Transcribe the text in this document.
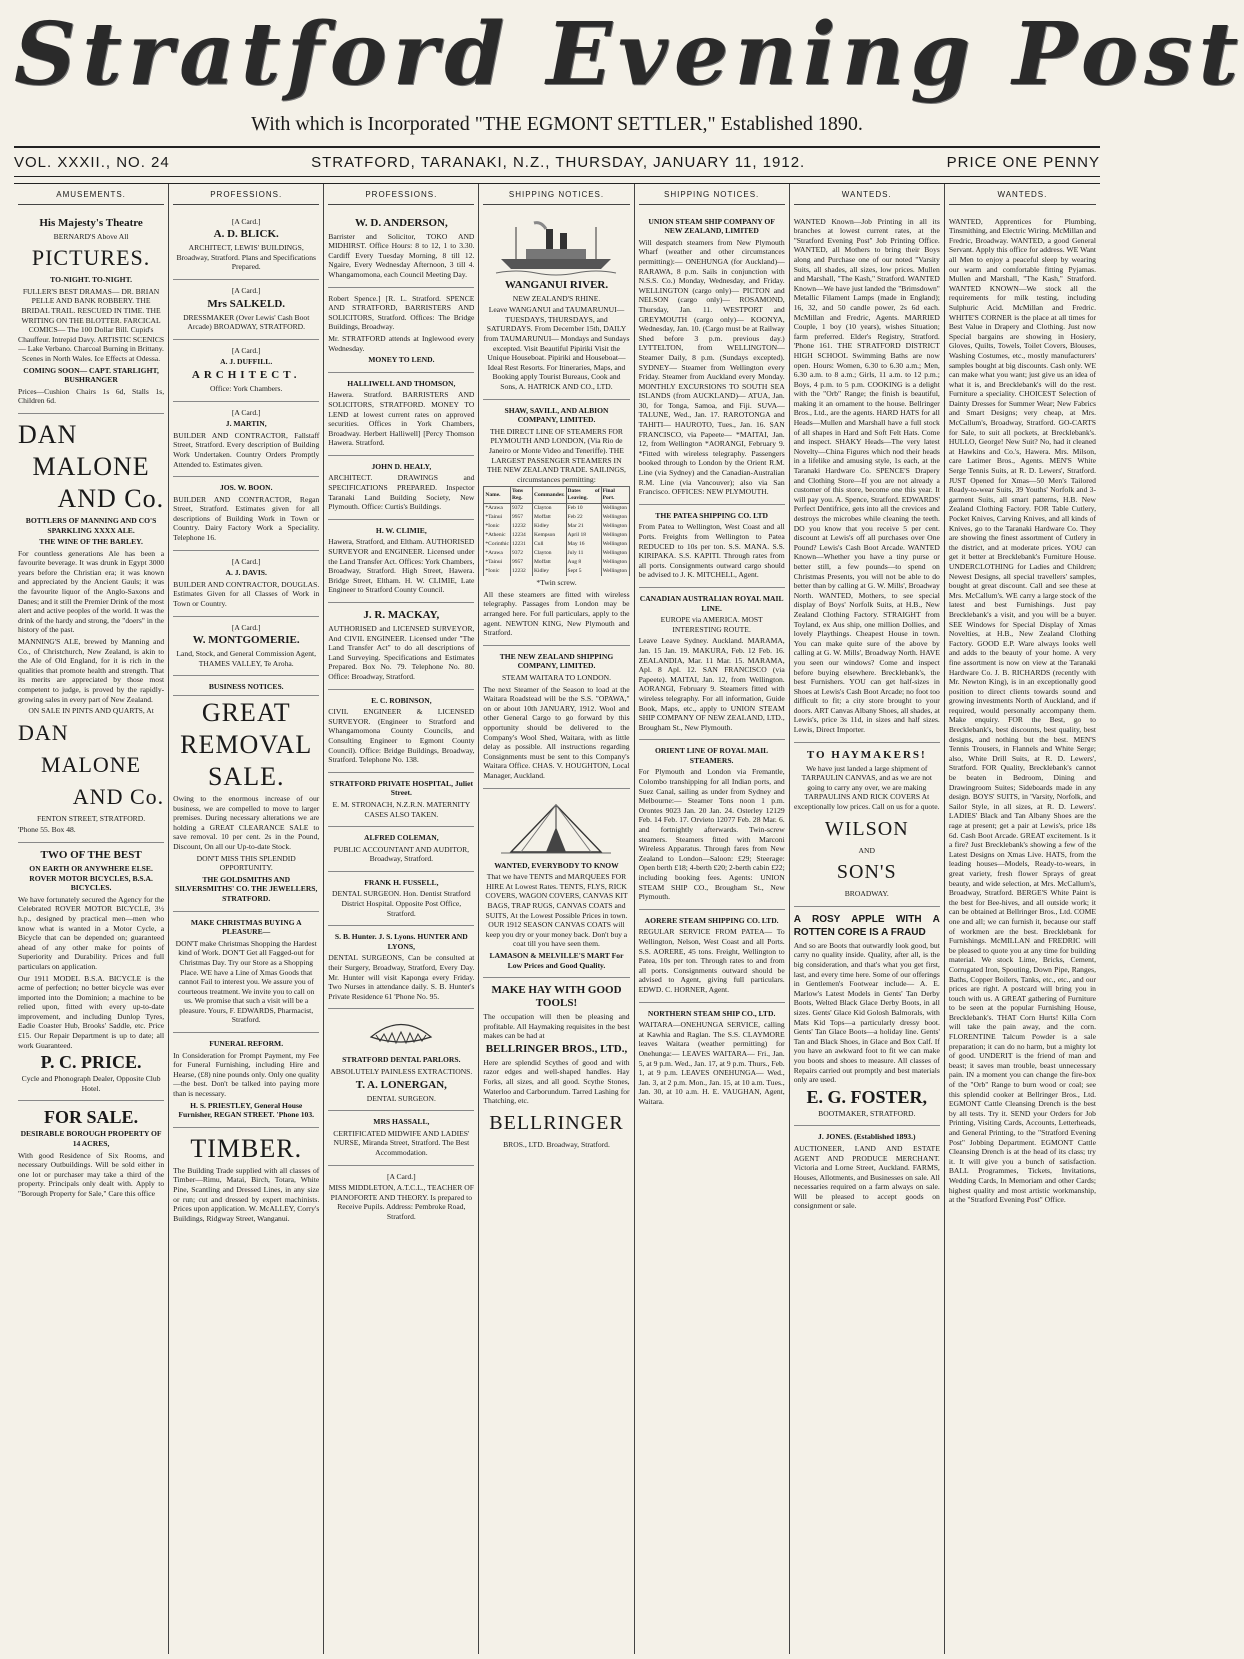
Stratford Evening Post
With which is Incorporated "THE EGMONT SETTLER," Established 1890.
VOL. XXXII., NO. 24	STRATFORD, TARANAKI, N.Z., THURSDAY, JANUARY 11, 1912.	PRICE ONE PENNY
AMUSEMENTS.

His Majesty's Theatre

BERNARD'S Above All

PICTURES.

TO-NIGHT. TO-NIGHT.

FULLER'S BEST DRAMAS— DR. BRIAN PELLE AND BANK ROBBERY. THE BRIDAL TRAIL. RESCUED IN TIME. THE WRITING ON THE BLOTTER. FARCICAL COMICS— The 100 Dollar Bill. Cupid's Chauffeur. Intrepid Davy. ARTISTIC SCENICS— Lake Verbano. Charcoal Burning in Brittany. Scenes in North Wales. Ice Effects at Odessa.

COMING SOON— CAPT. STARLIGHT, BUSHRANGER

Prices—Cushion Chairs 1s 6d, Stalls 1s, Children 6d.

DAN

MALONE

AND Co.

BOTTLERS OF MANNING AND CO'S SPARKLING XXXX ALE.

THE WINE OF THE BARLEY.

For countless generations Ale has been a favourite beverage. It was drunk in Egypt 3000 years before the Christian era; it was known and appreciated by the Ancient Gauls; it was the favourite liquor of the Anglo-Saxons and Danes; and it still the Premier Drink of the most alert and active peoples of the world. It was the drink of the hardy and strong, the "doers" in the history of the past.

MANNING'S ALE, brewed by Manning and Co., of Christchurch, New Zealand, is akin to the Ale of Old England, for it is rich in the qualities that promote health and strength. That its merits are appreciated by those most competent to judge, is proved by the rapidly-growing sales in every part of New Zealand.

ON SALE IN PINTS AND QUARTS, At

DAN

MALONE

AND Co.

FENTON STREET, STRATFORD.

'Phone 55. Box 48.

TWO OF THE BEST

ON EARTH OR ANYWHERE ELSE. ROVER MOTOR BICYCLES, B.S.A. BICYCLES.

We have fortunately secured the Agency for the Celebrated ROVER MOTOR BICYCLE, 3½ h.p., designed by practical men—men who know what is wanted in a Motor Cycle, a Bicycle that can be depended on; guaranteed ahead of any other make for points of Superiority and Durability. Prices and full particulars on application.

Our 1911 MODEL B.S.A. BICYCLE is the acme of perfection; no better bicycle was ever imported into the Dominion; a machine to be relied upon, fitted with every up-to-date improvement, and including Dunlop Tyres, Eadie Coaster Hub, Brooks' Saddle, etc. Price £15. Our Repair Department is up to date; all work Guaranteed.

P. C. PRICE.

Cycle and Phonograph Dealer, Opposite Club Hotel.

FOR SALE.

DESIRABLE BOROUGH PROPERTY OF 14 ACRES,

With good Residence of Six Rooms, and necessary Outbuildings. Will be sold either in one lot or purchaser may take a third of the property. Principals only dealt with. Apply to "Borough Property for Sale," Care this office

PROFESSIONS.

[A Card.]

A. D. BLICK.

ARCHITECT, LEWIS' BUILDINGS, Broadway, Stratford. Plans and Specifications Prepared.

[A Card.]

Mrs SALKELD.

DRESSMAKER (Over Lewis' Cash Boot Arcade) BROADWAY, STRATFORD.

[A Card.]

A. J. DUFFILL.

ARCHITECT.

Office: York Chambers.

[A Card.]

J. MARTIN,

BUILDER AND CONTRACTOR, Fallstaff Street, Stratford. Every description of Building Work Undertaken. Country Orders Promptly Attended to. Estimates given.

JOS. W. BOON.

BUILDER AND CONTRACTOR, Regan Street, Stratford. Estimates given for all descriptions of Building Work in Town or Country. Dairy Factory Work a Speciality. Telephone 16.

[A Card.]

A. J. DAVIS.

BUILDER AND CONTRACTOR, DOUGLAS. Estimates Given for all Classes of Work in Town or Country.

[A Card.]

W. MONTGOMERIE.

Land, Stock, and General Commission Agent, THAMES VALLEY, Te Aroha.

BUSINESS NOTICES.

GREAT

REMOVAL

SALE.

Owing to the enormous increase of our business, we are compelled to move to larger premises. During necessary alterations we are holding a GREAT CLEARANCE SALE to save removal. 10 per cent. 2s in the Pound, Discount, On all our Up-to-date Stock.

DON'T MISS THIS SPLENDID OPPORTUNITY.

THE GOLDSMITHS AND SILVERSMITHS' CO. THE JEWELLERS, STRATFORD.

MAKE CHRISTMAS BUYING A PLEASURE—

DON'T make Christmas Shopping the Hardest kind of Work. DON'T Get all Fagged-out for Christmas Day. Try our Store as a Shopping Place. WE have a Line of Xmas Goods that cannot Fail to interest you. We assure you of courteous treatment. We invite you to call on us. We promise that such a visit will be a pleasure. Yours, F. EDWARDS, Pharmacist, Stratford.

FUNERAL REFORM.

In Consideration for Prompt Payment, my Fee for Funeral Furnishing, including Hire and Hearse, (£8) nine pounds only. Only one quality—the best. Don't be talked into paying more than is necessary.

H. S. PRIESTLEY, General House Furnisher, REGAN STREET. 'Phone 103.

TIMBER.

The Building Trade supplied with all classes of Timber—Rimu, Matai, Birch, Totara, White Pine, Scantling and Dressed Lines, in any size or run; cut and dressed by expert machinists. Prices upon application. W. McALLEY, Corry's Buildings, Ridgway Street, Wanganui.

PROFESSIONS.

W. D. ANDERSON,

Barrister and Solicitor, TOKO AND MIDHIRST. Office Hours: 8 to 12, 1 to 3.30. Cardiff Every Tuesday Morning, 8 till 12. Ngaire, Every Wednesday Afternoon, 3 till 4. Whangamomona, each Council Meeting Day.

Robert Spence.] [R. L. Stratford. SPENCE AND STRATFORD, BARRISTERS AND SOLICITORS, Stratford. Offices: The Bridge Buildings, Broadway.

Mr. STRATFORD attends at Inglewood every Wednesday.

MONEY TO LEND.

HALLIWELL AND THOMSON,

Hawera. Stratford. BARRISTERS AND SOLICITORS, STRATFORD. MONEY TO LEND at lowest current rates on approved securities. Offices in York Chambers, Broadway. Herbert Halliwell] [Percy Thomson Hawera. Stratford.

JOHN D. HEALY,

ARCHITECT. DRAWINGS and SPECIFICATIONS PREPARED. Inspector Taranaki Land Building Society, New Plymouth. Office: Curtis's Buildings.

H. W. CLIMIE,

Hawera, Stratford, and Eltham. AUTHORISED SURVEYOR and ENGINEER. Licensed under the Land Transfer Act. Offices: York Chambers, Broadway, Stratford. High Street, Hawera. Bridge Street, Eltham. H. W. CLIMIE, Late Engineer to Stratford County Council.

J. R. MACKAY,

AUTHORISED and LICENSED SURVEYOR, And CIVIL ENGINEER. Licensed under "The Land Transfer Act" to do all descriptions of Land Surveying. Specifications and Estimates Prepared. Box No. 79. Telephone No. 80. Office: Broadway, Stratford.

E. C. ROBINSON,

CIVIL ENGINEER & LICENSED SURVEYOR. (Engineer to Stratford and Whangamomona County Councils, and Consulting Engineer to Egmont County Council). Office: Bridge Buildings, Broadway, Stratford. Telephone No. 138.

STRATFORD PRIVATE HOSPITAL, Juliet Street.

E. M. STRONACH, N.Z.R.N. MATERNITY CASES ALSO TAKEN.

ALFRED COLEMAN,

PUBLIC ACCOUNTANT AND AUDITOR, Broadway, Stratford.

FRANK H. FUSSELL,

DENTAL SURGEON. Hon. Dentist Stratford District Hospital. Opposite Post Office, Stratford.

S. B. Hunter. J. S. Lyons. HUNTER AND LYONS,

DENTAL SURGEONS, Can be consulted at their Surgery, Broadway, Stratford, Every Day. Mr. Hunter will visit Kaponga every Friday. Two Nurses in attendance daily. S. B. Hunter's Private Residence 61 'Phone No. 95.

STRATFORD DENTAL PARLORS.

ABSOLUTELY PAINLESS EXTRACTIONS.

T. A. LONERGAN,

DENTAL SURGEON.

MRS HASSALL,

CERTIFICATED MIDWIFE AND LADIES' NURSE, Miranda Street, Stratford. The Best Accommodation.

[A Card.]

MISS MIDDLETON, A.T.C.L., TEACHER OF PIANOFORTE AND THEORY. Is prepared to Receive Pupils. Address: Pembroke Road, Stratford.

SHIPPING NOTICES.

WANGANUI RIVER.

NEW ZEALAND'S RHINE.

Leave WANGANUI and TAUMARUNUI— TUESDAYS, THURSDAYS, and SATURDAYS. From December 15th, DAILY from TAUMARUNUI— Mondays and Sundays excepted. Visit Beautiful Pipiriki Visit the Unique Houseboat. Pipiriki and Houseboat—Ideal Rest Resorts. For Itineraries, Maps, and Booking apply Tourist Bureaus, Cook and Sons, A. HATRICK AND CO., LTD.

SHAW, SAVILL, AND ALBION COMPANY, LIMITED.

THE DIRECT LINE OF STEAMERS FOR PLYMOUTH AND LONDON, (Via Rio de Janeiro or Monte Video and Teneriffe). THE LARGEST PASSENGER STEAMERS IN THE NEW ZEALAND TRADE. SAILINGS, circumstances permitting:

Name.	Tons Reg.	Commander.	Dates of Leaving.	Final Port.
*Arawa	9372	Clayton	Feb 10	Wellington
*Tainui	9957	Moffatt	Feb 22	Wellington
*Ionic	12232	Kidley	Mar 21	Wellington
*Athenic	12234	Kempson	April 18	Wellington
*Corinthic	12231	Cull	May 16	Wellington
*Arawa	9372	Clayton	July 11	Wellington
*Tainui	9957	Moffatt	Aug 8	Wellington
*Ionic	12232	Kidley	Sept 5	Wellington

*Twin screw.

All these steamers are fitted with wireless telegraphy. Passages from London may be arranged here. For full particulars, apply to the agent. NEWTON KING, New Plymouth and Stratford.

THE NEW ZEALAND SHIPPING COMPANY, LIMITED.

STEAM WAITARA TO LONDON.

The next Steamer of the Season to load at the Waitara Roadstead will be the S.S. "OPAWA," on or about 10th JANUARY, 1912. Wool and other General Cargo to go forward by this opportunity should be delivered to the Company's Wool Shed, Waitara, with as little delay as possible. All instructions regarding Consignments must be sent to this Company's Waitara Office. CHAS. V. HOUGHTON, Local Manager, Auckland.

WANTED, EVERYBODY TO KNOW

That we have TENTS and MARQUEES FOR HIRE At Lowest Rates. TENTS, FLYS, RICK COVERS, WAGON COVERS, CANVAS KIT BAGS, TRAP RUGS, CANVAS COATS and SUITS, At the Lowest Possible Prices in town. OUR 1912 SEASON CANVAS COATS will keep you dry or your money back. Don't buy a coat till you have seen them.

LAMASON & MELVILLE'S MART For Low Prices and Good Quality.

MAKE HAY WITH GOOD TOOLS!

The occupation will then be pleasing and profitable. All Haymaking requisites in the best makes can be had at

BELLRINGER BROS., LTD.,

Here are splendid Scythes of good and with razor edges and well-shaped handles. Hay Forks, all sizes, and all good. Scythe Stones, Waterloo and Carborundum. Tarred Lashing for Thatching, etc.

BELLRINGER

BROS., LTD. Broadway, Stratford.

SHIPPING NOTICES.

UNION STEAM SHIP COMPANY OF NEW ZEALAND, LIMITED

Will despatch steamers from New Plymouth Wharf (weather and other circumstances permitting):— ONEHUNGA (for Auckland)— RARAWA, 8 p.m. Sails in conjunction with N.S.S. Co.) Monday, Wednesday, and Friday. WELLINGTON (cargo only)— PICTON and NELSON (cargo only)— ROSAMOND, Thursday, Jan. 11. WESTPORT and GREYMOUTH (cargo only)— KOONYA, Wednesday, Jan. 10. (Cargo must be at Railway Shed before 3 p.m. previous day.) LYTTELTON, from WELLINGTON— Steamer Daily, 8 p.m. (Sundays excepted). SYDNEY— Steamer from Wellington every Friday. Steamer from Auckland every Monday. MONTHLY EXCURSIONS TO SOUTH SEA ISLANDS (from AUCKLAND)— ATUA, Jan. 30, for Tonga, Samoa, and Fiji. SUVA— TALUNE, Wed., Jan. 17. RAROTONGA and TAHITI— HAUROTO, Tues., Jan. 16. SAN FRANCISCO, via Papeete— *MAITAI, Jan. 12, from Wellington *AORANGI, February 9. *Fitted with wireless telegraphy. Passengers booked through to London by the Orient R.M. Line (via Sydney) and the Canadian-Australian R.M. Line (via Vancouver); also via San Francisco. OFFICES: NEW PLYMOUTH.

THE PATEA SHIPPING CO. LTD

From Patea to Wellington, West Coast and all Ports. Freights from Wellington to Patea REDUCED to 10s per ton. S.S. MANA. S.S. KIRIPAKA. S.S. KAPITI. Through rates from all ports. Consignments outward cargo should be advised to J. K. MITCHELL, Agent.

CANADIAN AUSTRALIAN ROYAL MAIL LINE.

EUROPE via AMERICA. MOST INTERESTING ROUTE.

Leave Leave Sydney. Auckland. MARAMA, Jan. 15 Jan. 19. MAKURA, Feb. 12 Feb. 16. ZEALANDIA, Mar. 11 Mar. 15. MARAMA, Apl. 8 Apl. 12. SAN FRANCISCO (via Papeete). MAITAI, Jan. 12, from Wellington. AORANGI, February 9. Steamers fitted with wireless telegraphy. For all information, Guide Book, Maps, etc., apply to UNION STEAM SHIP COMPANY OF NEW ZEALAND, LTD., Brougham St., New Plymouth.

ORIENT LINE OF ROYAL MAIL STEAMERS.

For Plymouth and London via Fremantle, Colombo transhipping for all Indian ports, and Suez Canal, sailing as under from Sydney and Melbourne:— Steamer Tons noon 1 p.m. Orontes 9023 Jan. 20 Jan. 24. Osterley 12129 Feb. 14 Feb. 17. Orvieto 12077 Feb. 28 Mar. 6. and fortnightly afterwards. Twin-screw steamers. Steamers fitted with Marconi Wireless Apparatus. Through fares from New Zealand to London—Saloon: £29; Steerage: Open berth £18; 4-berth £20; 2-berth cabin £22; including booking fees. Agents: UNION STEAM SHIP CO., Brougham St., New Plymouth.

AORERE STEAM SHIPPING CO. LTD.

REGULAR SERVICE FROM PATEA— To Wellington, Nelson, West Coast and all Ports. S.S. AORERE, 45 tons. Freight, Wellington to Patea, 10s per ton. Through rates to and from all ports. Consignments outward should be advised to Agent, giving full particulars. EDWD. C. HORNER, Agent.

NORTHERN STEAM SHIP CO., LTD.

WAITARA—ONEHUNGA SERVICE, calling at Kawhia and Raglan. The S.S. CLAYMORE leaves Waitara (weather permitting) for Onehunga:— LEAVES WAITARA— Fri., Jan. 5, at 9 p.m. Wed., Jan. 17, at 9 p.m. Thurs., Feb. 1, at 9 p.m. LEAVES ONEHUNGA— Wed., Jan. 3, at 2 p.m. Mon., Jan. 15, at 10 a.m. Tues., Jan. 30, at 10 a.m. H. E. VAUGHAN, Agent, Waitara.

WANTEDS.

WANTED Known—Job Printing in all its branches at lowest current rates, at the "Stratford Evening Post" Job Printing Office. WANTED, all Mothers to bring their Boys along and Purchase one of our noted "Varsity Suits, all shades, all sizes, low prices. Mullen and Marshall, "The Kash," Stratford. WANTED Known—We have just landed the "Brimsdown" Metallic Filament Lamps (made in England); 16, 32, and 50 candle power, 2s 6d each. McMillan and Fredric, Agents. MARRIED Couple, 1 boy (10 years), wishes Situation; farm preferred. Elder's Registry, Stratford. 'Phone 161. THE STRATFORD DISTRICT HIGH SCHOOL Swimming Baths are now open. Hours: Women, 6.30 to 6.30 a.m.; Men, 6.30 a.m. to 8 a.m.; Girls, 11 a.m. to 12 p.m.; Boys, 4 p.m. to 5 p.m. COOKING is a delight with the "Orb" Range; the finish is beautiful, making it an ornament to the house. Bellringer Bros., Ltd., are the agents. HARD HATS for all Heads—Mullen and Marshall have a full stock of all shapes in Hard and Soft Felt Hats. Come and inspect. SHAKY Heads—The very latest Novelty—China Figures which nod their heads in a lifelike and amusing style, 1s each, at the Taranaki Hardware Co. SPENCE'S Drapery and Clothing Store—If you are not already a customer of this store, become one this year. It will pay you. A. Spence, Stratford. EDWARDS' Perfect Dentifrice, gets into all the crevices and destroys the microbes while cleaning the teeth. DO you know that you receive 5 per cent. discount at Lewis's off all purchases over One Pound? Lewis's Cash Boot Arcade. WANTED Known—Whether you have a tiny purse or better still, a few pounds—to spend on Christmas Presents, you will not be able to do better than by calling at G. W. Mills', Broadway North. WANTED, Mothers, to see special display of Boys' Norfolk Suits, at H.B., New Zealand Clothing Factory. STRAIGHT from Toyland, ex Aus ship, one million Dollies, and lovely Playthings. Cheapest House in town. You can make quite sure of the above by calling at G. W. Mills', Broadway North. HAVE you seen our windows? Come and inspect before buying elsewhere. Brecklebank's, the best Furnishers. YOU can get half-sizes in Shoes at Lewis's Cash Boot Arcade; no foot too difficult to fit; a city store brought to your doors. ART Canvas Albany Shoes, all shades, at Lewis's, price 3s 11d, in sizes and half sizes. Lewis, Direct Importer.

TO HAYMAKERS!

We have just landed a large shipment of TARPAULIN CANVAS, and as we are not going to carry any over, we are making TARPAULINS AND RICK COVERS At exceptionally low prices. Call on us for a quote.

WILSON

AND

SON'S

BROADWAY.

A ROSY APPLE WITH A ROTTEN CORE IS A FRAUD

And so are Boots that outwardly look good, but carry no quality inside. Quality, after all, is the big consideration, and that's what you get first, last, and every time here. Some of our offerings in Gentlemen's Footwear include— A. E. Marlow's Latest Models in Gents' Tan Derby Boots, Welted Black Glace Derby Boots, in all sizes. Gents' Glace Kid Golosh Balmorals, with Mats Kid Tops—a particularly dressy boot. Gents' Tan Glace Boots—a holiday line. Gents' Tan and Black Shoes, in Glace and Box Calf. If you have an awkward foot to fit we can make you boots and shoes to measure. All classes of Repairs carried out promptly and best materials only are used.

E. G. FOSTER,

BOOTMAKER, STRATFORD.

J. JONES. (Established 1893.)

AUCTIONEER, LAND AND ESTATE AGENT AND PRODUCE MERCHANT. Victoria and Lorne Street, Auckland. FARMS, Houses, Allotments, and Businesses on sale. All necessaries required on a farm always on sale. Will be pleased to accept goods on consignment or sale.

WANTEDS.

WANTED, Apprentices for Plumbing, Tinsmithing, and Electric Wiring. McMillan and Fredric, Broadway. WANTED, a good General Servant. Apply this office for address. WE Want all Men to enjoy a peaceful sleep by wearing our warm and comfortable fitting Pyjamas. Mullen and Marshall, "The Kash," Stratford. WANTED KNOWN—We stock all the requirements for milk testing, including Sulphuric Acid. McMillan and Fredric. WHITE'S CORNER is the place at all times for Best Value in Drapery and Clothing. Just now Special bargains are showing in Hosiery, Gloves, Quilts, Towels, Toilet Covers, Blouses, Washing Costumes, etc., mostly manufacturers' samples bought at big discounts. Cash only. WE can make what you want; just give us an idea of what it is, and Brecklebank's will do the rest. Furniture a speciality. CHOICEST Selection of Dainty Dresses for Summer Wear; New Fabrics and Smart Designs; very cheap, at Mrs. McCallum's, Broadway, Stratford. GO-CARTS for Sale, to suit all pockets, at Brecklebank's. HULLO, George! New Suit? No, had it cleaned at Hawkins and Co.'s, Hawera. Mrs. Milson, care Latimer Bros., Agents. MEN'S White Serge Tennis Suits, at R. D. Lewers', Stratford. JUST Opened for Xmas—50 Men's Tailored Ready-to-wear Suits, 39 Youths' Norfolk and 3-garment Suits, all smart patterns, H.B. New Zealand Clothing Factory. FOR Table Cutlery, Pocket Knives, Carving Knives, and all kinds of Knives, go to the Taranaki Hardware Co. They are showing the finest assortment of Cutlery in the district, and at moderate prices. YOU can get it better at Brecklebank's Furniture House. UNDERCLOTHING for Ladies and Children; Newest Designs, all special travellers' samples, bought at great discount. Call and see these at Mrs. McCallum's. WE carry a large stock of the latest and best Furnishings. Just pay Brecklebank's a visit, and you will be a buyer. SEE Windows for Special Display of Xmas Novelties, at H.B., New Zealand Clothing Factory. GOOD E.P. Ware always looks well and adds to the beauty of your home. A very fine assortment is now on view at the Taranaki Hardware Co. J. B. RICHARDS (recently with Mr. Newton King), is in an exceptionally good position to direct clients towards sound and growing investments North of Auckland, and if required, would personally accompany them. Make enquiry. FOR the Best, go to Brecklebank's, best discounts, best quality, best designs, and nothing but the best. MEN'S Tennis Trousers, in Flannels and White Serge; also, White Drill Suits, at R. D. Lewers', Stratford. FOR Quality, Brecklebank's cannot be beaten in Bedroom, Dining and Drawingroom Suites; Sideboards made in any design. BOYS' SUITS, in 'Varsity, Norfolk, and Sailor Style, in all sizes, at R. D. Lewers'. LADIES' Black and Tan Albany Shoes are the rage at present; get a pair at Lewis's, price 18s 6d. Cash Boot Arcade. GREAT excitement. Is it a fire? Just Brecklebank's showing a few of the Latest Designs on Xmas Live. HATS, from the leading houses—Models, Ready-to-wears, in great variety, fresh flower Sprays of great beauty, and wide selection, at Mrs. McCallum's, Broadway, Stratford. BERGE'S White Paint is the best for Bee-hives, and all outside work; it can be obtained at Bellringer Bros., Ltd. COME one and all; we can furnish it, because our staff of workmen are the best. Brecklebank for Furnishings. McMILLAN and FREDRIC will be pleased to quote you at any time for building material. We stock Lime, Bricks, Cement, Corrugated Iron, Spouting, Down Pipe, Ranges, Baths, Copper Boilers, Tanks, etc., etc., and our prices are right. A postcard will bring you in touch with us. A GREAT gathering of Furniture to be seen at the popular Furnishing House, Brecklebank's. THAT Corn Hurts! Killa Corn will take the pain away, and the corn. FLORENTINE Talcum Powder is a sale preparation; it can do no harm, but a mighty lot of good. UNDERIT is the friend of man and beast; it saves man trouble, beast unnecessary pain. IN a moment you can change the fire-box of the "Orb" Range to burn wood or coal; see this splendid cooker at Bellringer Bros., Ltd. EGMONT Cattle Cleansing Drench is the best by all tests. Try it. SEND your Orders for Job Printing, Visiting Cards, Accounts, Letterheads, and General Printing, to the "Stratford Evening Post" Jobbing Department. EGMONT Cattle Cleansing Drench is at the head of its class; try it. It will give you a bunch of satisfaction. BALL Programmes, Tickets, Invitations, Wedding Cards, In Memoriam and other Cards; highest quality and most artistic workmanship, at the "Stratford Evening Post" Office.
